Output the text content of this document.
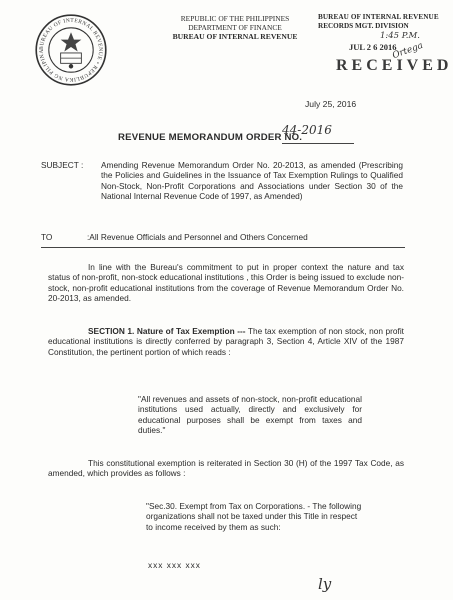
BUREAU OF INTERNAL REVENUE • REPUBLIKA NG PILIPINA
REPUBLIC OF THE PHILIPPINES
DEPARTMENT OF FINANCE
BUREAU OF INTERNAL REVENUE
BUREAU OF INTERNAL REVENUE
RECORDS MGT. DIVISION
1:45 P.M.
JUL 2 6 2016
Ortega
RECEIVED
July 25, 2016
REVENUE MEMORANDUM ORDER NO.
44-2016
SUBJECT : Amending Revenue Memorandum Order No. 20-2013, as amended (Prescribing the Policies and Guidelines in the Issuance of Tax Exemption Rulings to Qualified Non-Stock, Non-Profit Corporations and Associations under Section 30 of the National Internal Revenue Code of 1997, as Amended)
TO	:All Revenue Officials and Personnel and Others Concerned
In line with the Bureau's commitment to put in proper context the nature and tax status of non-profit, non-stock educational institutions , this Order is being issued to exclude non-stock, non-profit educational institutions from the coverage of Revenue Memorandum Order No. 20-2013, as amended.
SECTION 1. Nature of Tax Exemption --- The tax exemption of non stock, non profit educational institutions is directly conferred by paragraph 3, Section 4, Article XIV of the 1987 Constitution, the pertinent portion of which reads :
"All revenues and assets of non-stock, non-profit educational institutions used actually, directly and exclusively for educational purposes shall be exempt from taxes and duties."
This constitutional exemption is reiterated in Section 30 (H) of the 1997 Tax Code, as amended, which provides as follows :
"Sec.30. Exempt from Tax on Corporations. - The following organizations shall not be taxed under this Title in respect to income received by them as such:
xxx xxx xxx
ly
